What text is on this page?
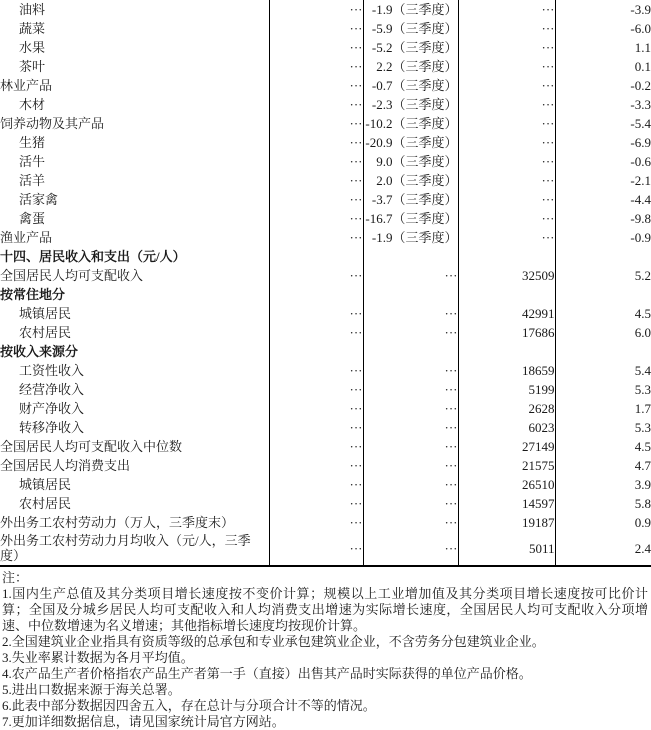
油料	···	-1.9（三季度）	···	-3.9
蔬菜	···	-5.9（三季度）	···	-6.0
水果	···	-5.2（三季度）	···	1.1
茶叶	···	2.2（三季度）	···	0.1
林业产品	···	-0.7（三季度）	···	-0.2
木材	···	-2.3（三季度）	···	-3.3
饲养动物及其产品	···	-10.2（三季度）	···	-5.4
生猪	···	-20.9（三季度）	···	-6.9
活牛	···	9.0（三季度）	···	-0.6
活羊	···	2.0（三季度）	···	-2.1
活家禽	···	-3.7（三季度）	···	-4.4
禽蛋	···	-16.7（三季度）	···	-9.8
渔业产品	···	-1.9（三季度）	···	-0.9
十四、居民收入和支出（元/人）				
全国居民人均可支配收入	···	···	32509	5.2
按常住地分				
城镇居民	···	···	42991	4.5
农村居民	···	···	17686	6.0
按收入来源分				
工资性收入	···	···	18659	5.4
经营净收入	···	···	5199	5.3
财产净收入	···	···	2628	1.7
转移净收入	···	···	6023	5.3
全国居民人均可支配收入中位数	···	···	27149	4.5
全国居民人均消费支出	···	···	21575	4.7
城镇居民	···	···	26510	3.9
农村居民	···	···	14597	5.8
外出务工农村劳动力（万人，三季度末）	···	···	19187	0.9
外出务工农村劳动力月均收入（元/人，三季度）	···	···	5011	2.4

注：

1.国内生产总值及其分类项目增长速度按不变价计算；规模以上工业增加值及其分类项目增长速度按可比价计算；全国及分城乡居民人均可支配收入和人均消费支出增速为实际增长速度，全国居民人均可支配收入分项增速、中位数增速为名义增速；其他指标增长速度均按现价计算。

2.全国建筑业企业指具有资质等级的总承包和专业承包建筑业企业，不含劳务分包建筑业企业。

3.失业率累计数据为各月平均值。

4.农产品生产者价格指农产品生产者第一手（直接）出售其产品时实际获得的单位产品价格。

5.进出口数据来源于海关总署。

6.此表中部分数据因四舍五入，存在总计与分项合计不等的情况。

7.更加详细数据信息，请见国家统计局官方网站。
